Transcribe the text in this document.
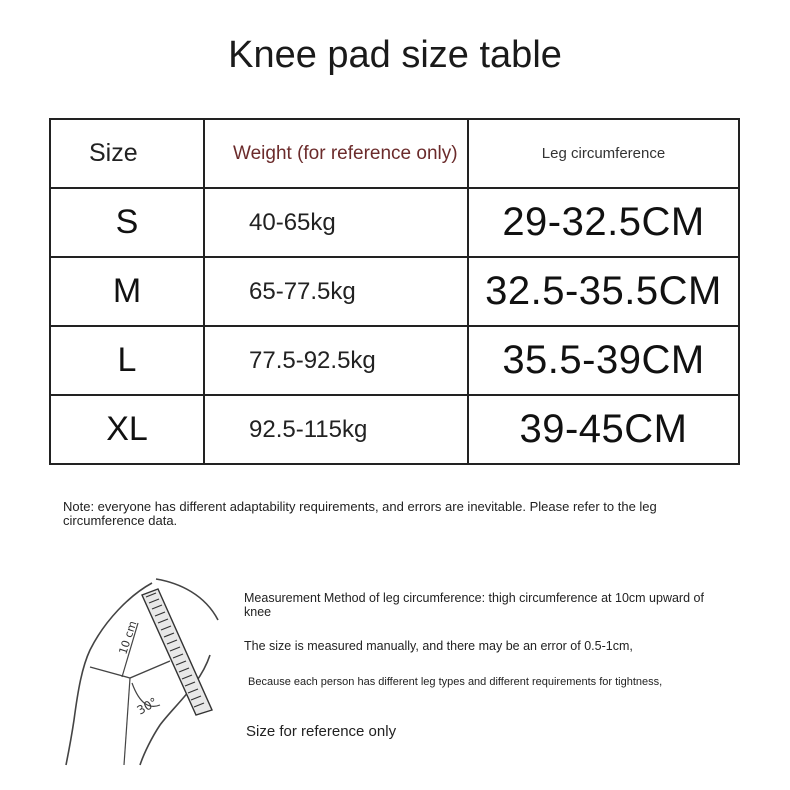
Knee pad size table
Size	Weight (for reference only)	Leg circumference
S	40-65kg	29-32.5CM
M	65-77.5kg	32.5-35.5CM
L	77.5-92.5kg	35.5-39CM
XL	92.5-115kg	39-45CM
Note: everyone has different adaptability requirements, and errors are inevitable. Please refer to the leg circumference data.
10 cm
30°
Measurement Method of leg circumference: thigh circumference at 10cm upward of knee
The size is measured manually, and there may be an error of 0.5-1cm,
Because each person has different leg types and different requirements for tightness,
Size for reference only
